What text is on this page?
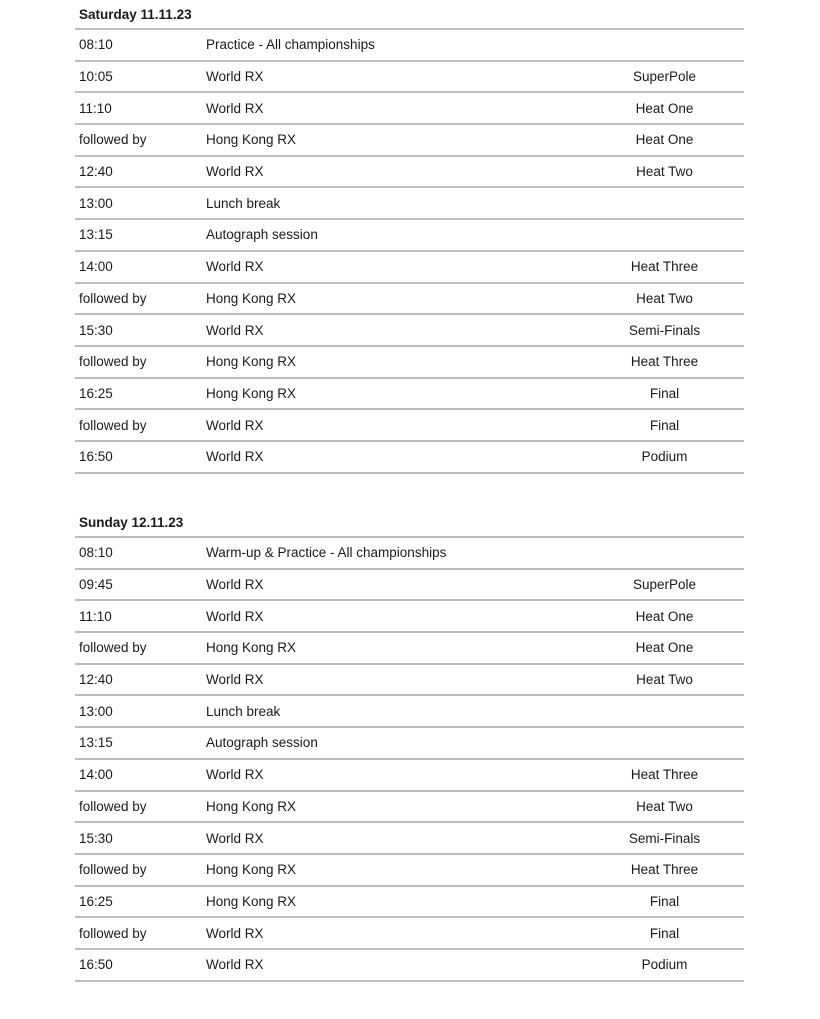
Saturday 11.11.23
08:10	Practice - All championships
10:05	World RX	SuperPole
11:10	World RX	Heat One
followed by	Hong Kong RX	Heat One
12:40	World RX	Heat Two
13:00	Lunch break
13:15	Autograph session
14:00	World RX	Heat Three
followed by	Hong Kong RX	Heat Two
15:30	World RX	Semi-Finals
followed by	Hong Kong RX	Heat Three
16:25	Hong Kong RX	Final
followed by	World RX	Final
16:50	World RX	Podium
Sunday 12.11.23
08:10	Warm-up & Practice - All championships
09:45	World RX	SuperPole
11:10	World RX	Heat One
followed by	Hong Kong RX	Heat One
12:40	World RX	Heat Two
13:00	Lunch break
13:15	Autograph session
14:00	World RX	Heat Three
followed by	Hong Kong RX	Heat Two
15:30	World RX	Semi-Finals
followed by	Hong Kong RX	Heat Three
16:25	Hong Kong RX	Final
followed by	World RX	Final
16:50	World RX	Podium
